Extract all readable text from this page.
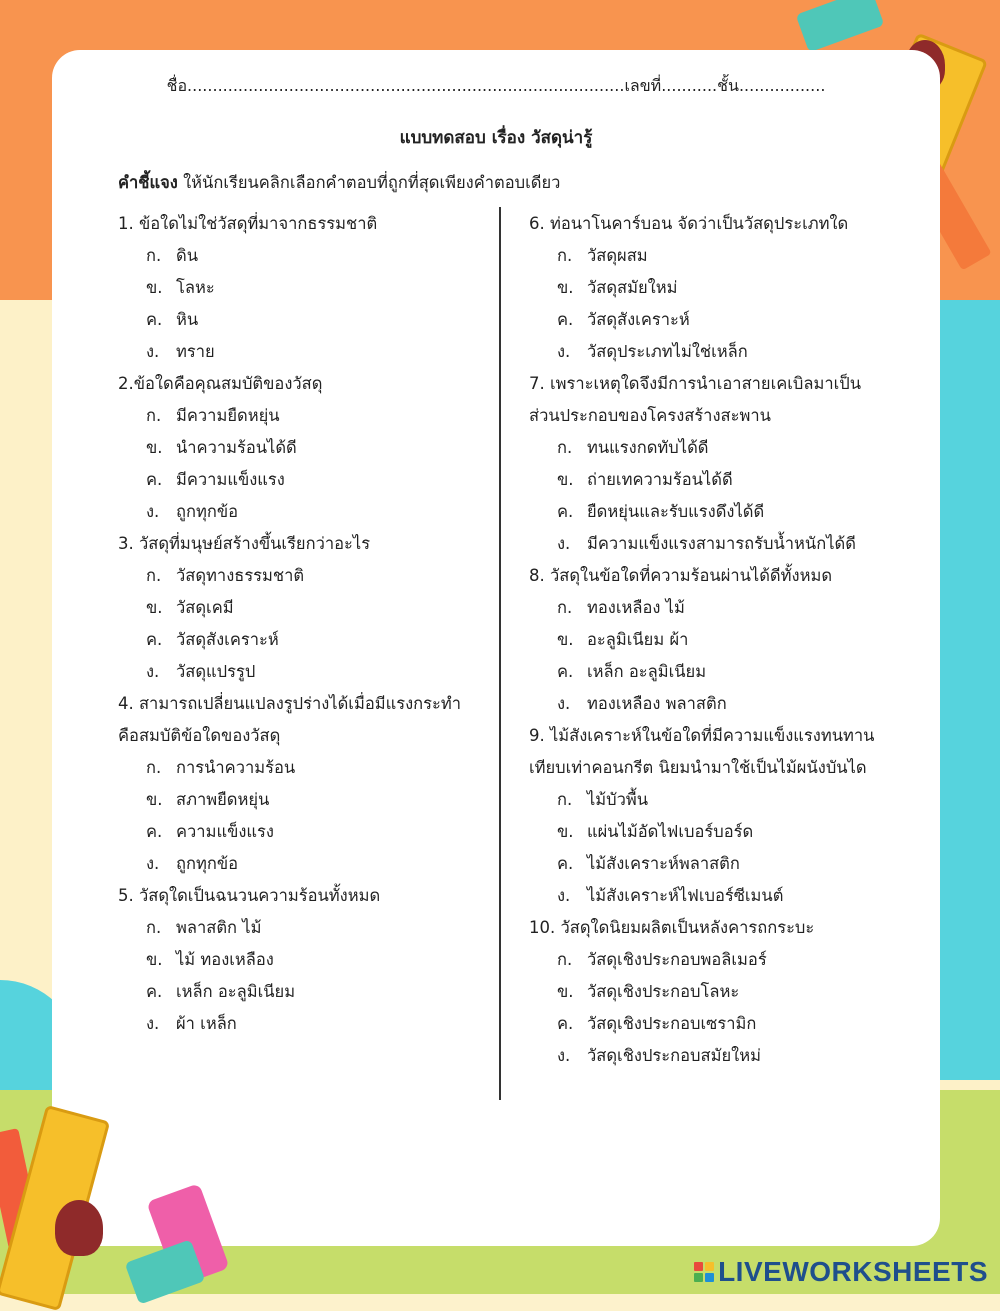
ชื่อ......................................................................................เลขที่...........ชั้น.................
แบบทดสอบ เรื่อง วัสดุน่ารู้
คำชี้แจง ให้นักเรียนคลิกเลือกคำตอบที่ถูกที่สุดเพียงคำตอบเดียว
1. ข้อใดไม่ใช่วัสดุที่มาจากธรรมชาติ
ก. ดิน
ข. โลหะ
ค. หิน
ง.	ทราย
2.ข้อใดคือคุณสมบัติของวัสดุ
ก. มีความยืดหยุ่น
ข. นำความร้อนได้ดี
ค. มีความแข็งแรง
ง.	ถูกทุกข้อ
3. วัสดุที่มนุษย์สร้างขึ้นเรียกว่าอะไร
ก. วัสดุทางธรรมชาติ
ข. วัสดุเคมี
ค. วัสดุสังเคราะห์
ง.	วัสดุแปรรูป
4. สามารถเปลี่ยนแปลงรูปร่างได้เมื่อมีแรงกระทำ
คือสมบัติข้อใดของวัสดุ
ก. การนำความร้อน
ข. สภาพยืดหยุ่น
ค. ความแข็งแรง
ง.	ถูกทุกข้อ
5. วัสดุใดเป็นฉนวนความร้อนทั้งหมด
ก. พลาสติก ไม้
ข. ไม้ ทองเหลือง
ค. เหล็ก อะลูมิเนียม
ง.	ผ้า เหล็ก
6. ท่อนาโนคาร์บอน จัดว่าเป็นวัสดุประเภทใด
ก. วัสดุผสม
ข. วัสดุสมัยใหม่
ค. วัสดุสังเคราะห์
ง.	วัสดุประเภทไม่ใช่เหล็ก
7. เพราะเหตุใดจึงมีการนำเอาสายเคเบิลมาเป็น
ส่วนประกอบของโครงสร้างสะพาน
ก. ทนแรงกดทับได้ดี
ข. ถ่ายเทความร้อนได้ดี
ค. ยืดหยุ่นและรับแรงดึงได้ดี
ง.	มีความแข็งแรงสามารถรับน้ำหนักได้ดี
8. วัสดุในข้อใดที่ความร้อนผ่านได้ดีทั้งหมด
ก. ทองเหลือง ไม้
ข. อะลูมิเนียม ผ้า
ค. เหล็ก อะลูมิเนียม
ง.	ทองเหลือง พลาสติก
9. ไม้สังเคราะห์ในข้อใดที่มีความแข็งแรงทนทาน
เทียบเท่าคอนกรีต นิยมนำมาใช้เป็นไม้ผนังบันได
ก. ไม้บัวพื้น
ข. แผ่นไม้อัดไฟเบอร์บอร์ด
ค. ไม้สังเคราะห์พลาสติก
ง.	ไม้สังเคราะห์ไฟเบอร์ซีเมนต์
10. วัสดุใดนิยมผลิตเป็นหลังคารถกระบะ
ก. วัสดุเชิงประกอบพอลิเมอร์
ข. วัสดุเชิงประกอบโลหะ
ค. วัสดุเชิงประกอบเซรามิก
ง.	วัสดุเชิงประกอบสมัยใหม่
LIVEWORKSHEETS
